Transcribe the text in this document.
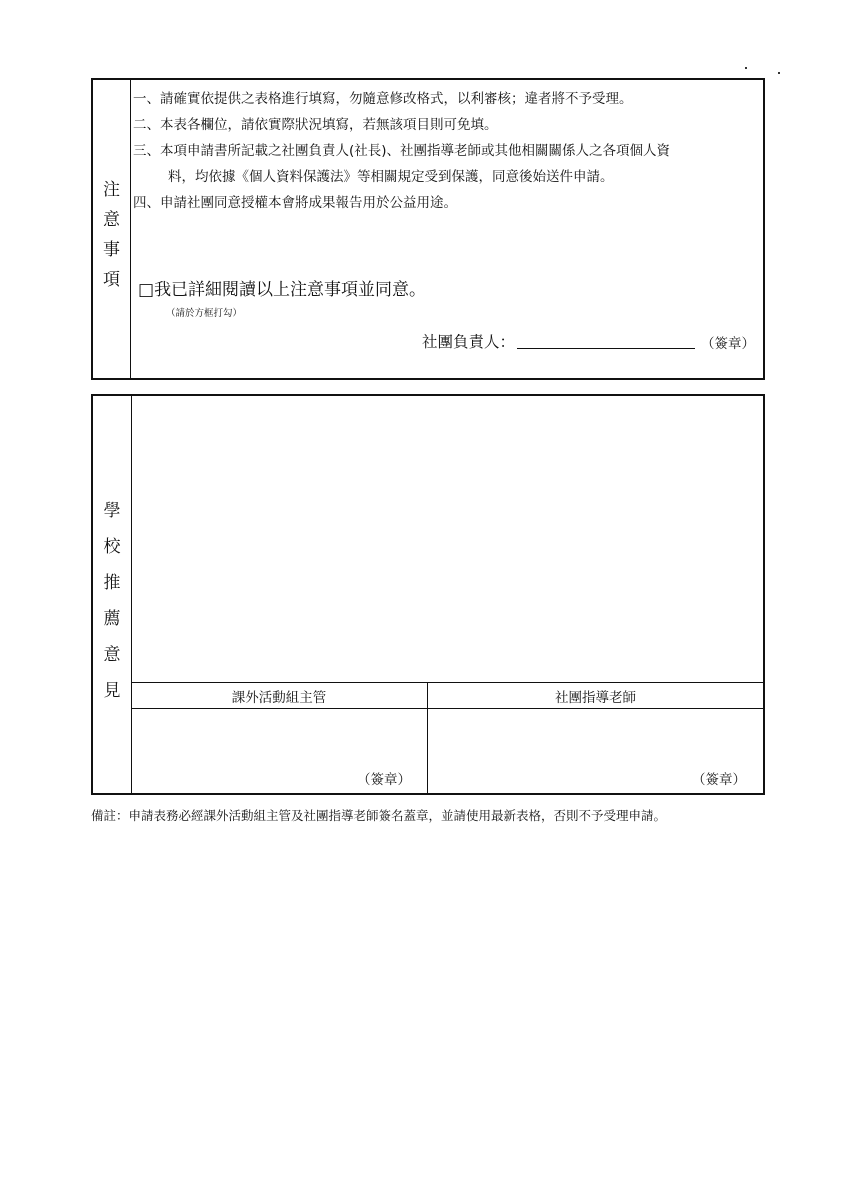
注
意
事
項
一、請確實依提供之表格進行填寫，勿隨意修改格式，以利審核；違者將不予受理。
二、本表各欄位，請依實際狀況填寫，若無該項目則可免填。
三、本項申請書所記載之社團負責人(社長)、社團指導老師或其他相關關係人之各項個人資
料，均依據《個人資料保護法》等相關規定受到保護，同意後始送件申請。
四、申請社團同意授權本會將成果報告用於公益用途。
□我已詳細閱讀以上注意事項並同意。
（請於方框打勾）
社團負責人：	（簽章）
學
校
推
薦
意
見	課外活動組主管	社團指導老師
（簽章）	（簽章）
備註：申請表務必經課外活動組主管及社團指導老師簽名蓋章，並請使用最新表格，否則不予受理申請。
